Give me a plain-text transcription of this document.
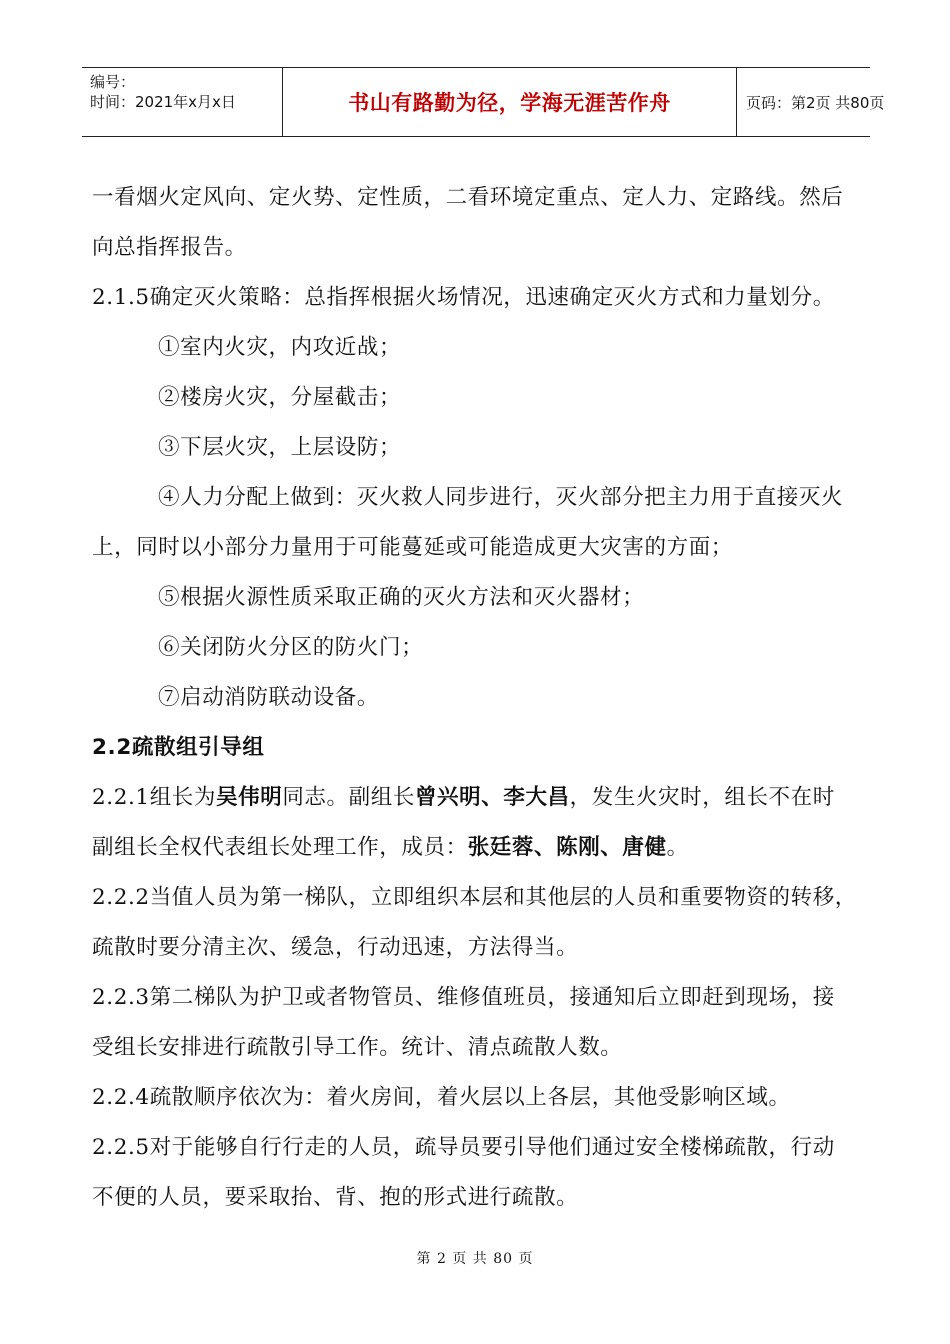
编号：
时间：2021年x月x日	书山有路勤为径，学海无涯苦作舟	页码：第2页 共80页
一看烟火定风向、定火势、定性质，二看环境定重点、定人力、定路线。然后
向总指挥报告。
2.1.5确定灭火策略：总指挥根据火场情况，迅速确定灭火方式和力量划分。
①室内火灾，内攻近战；
②楼房火灾，分屋截击；
③下层火灾，上层设防；
④人力分配上做到：灭火救人同步进行，灭火部分把主力用于直接灭火
上，同时以小部分力量用于可能蔓延或可能造成更大灾害的方面；
⑤根据火源性质采取正确的灭火方法和灭火器材；
⑥关闭防火分区的防火门；
⑦启动消防联动设备。
2.2疏散组引导组
2.2.1组长为吴伟明同志。副组长曾兴明、李大昌，发生火灾时，组长不在时
副组长全权代表组长处理工作，成员：张廷蓉、陈刚、唐健。
2.2.2当值人员为第一梯队，立即组织本层和其他层的人员和重要物资的转移，
疏散时要分清主次、缓急，行动迅速，方法得当。
2.2.3第二梯队为护卫或者物管员、维修值班员，接通知后立即赶到现场，接
受组长安排进行疏散引导工作。统计、清点疏散人数。
2.2.4疏散顺序依次为：着火房间，着火层以上各层，其他受影响区域。
2.2.5对于能够自行行走的人员，疏导员要引导他们通过安全楼梯疏散，行动
不便的人员，要采取抬、背、抱的形式进行疏散。
第 2 页 共 80 页
